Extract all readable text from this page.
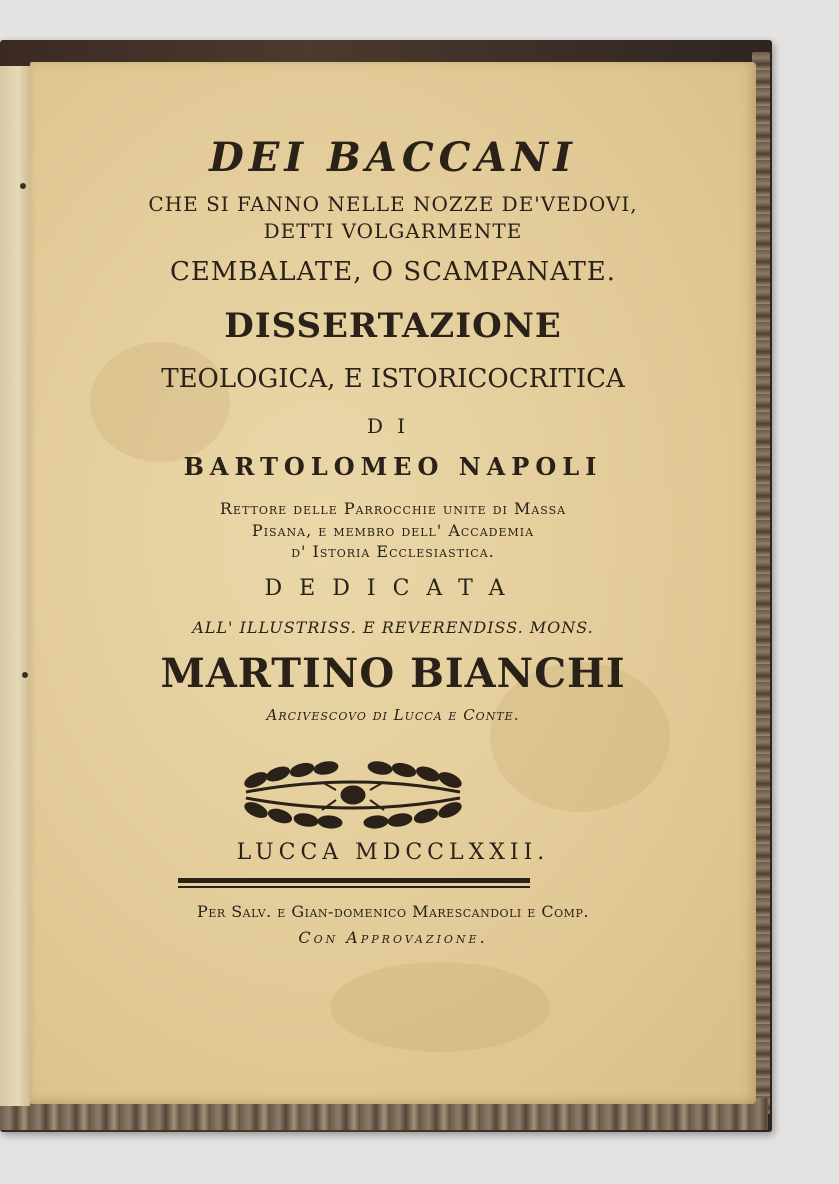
DEI BACCANI
CHE SI FANNO NELLE NOZZE DE'VEDOVI,
DETTI VOLGARMENTE
CEMBALATE, O SCAMPANATE.
DISSERTAZIONE
TEOLOGICA, E ISTORICOCRITICA
DI
BARTOLOMEO NAPOLI
Rettore delle Parrocchie unite di Massa
Pisana, e membro dell' Accademia
d' Istoria Ecclesiastica.
DEDICATA
ALL' ILLUSTRISS. E REVERENDISS. MONS.
MARTINO BIANCHI
Arcivescovo di Lucca e Conte.
LUCCA MDCCLXXII.
Per Salv. e Gian-domenico Marescandoli e Comp.
Con Approvazione.
